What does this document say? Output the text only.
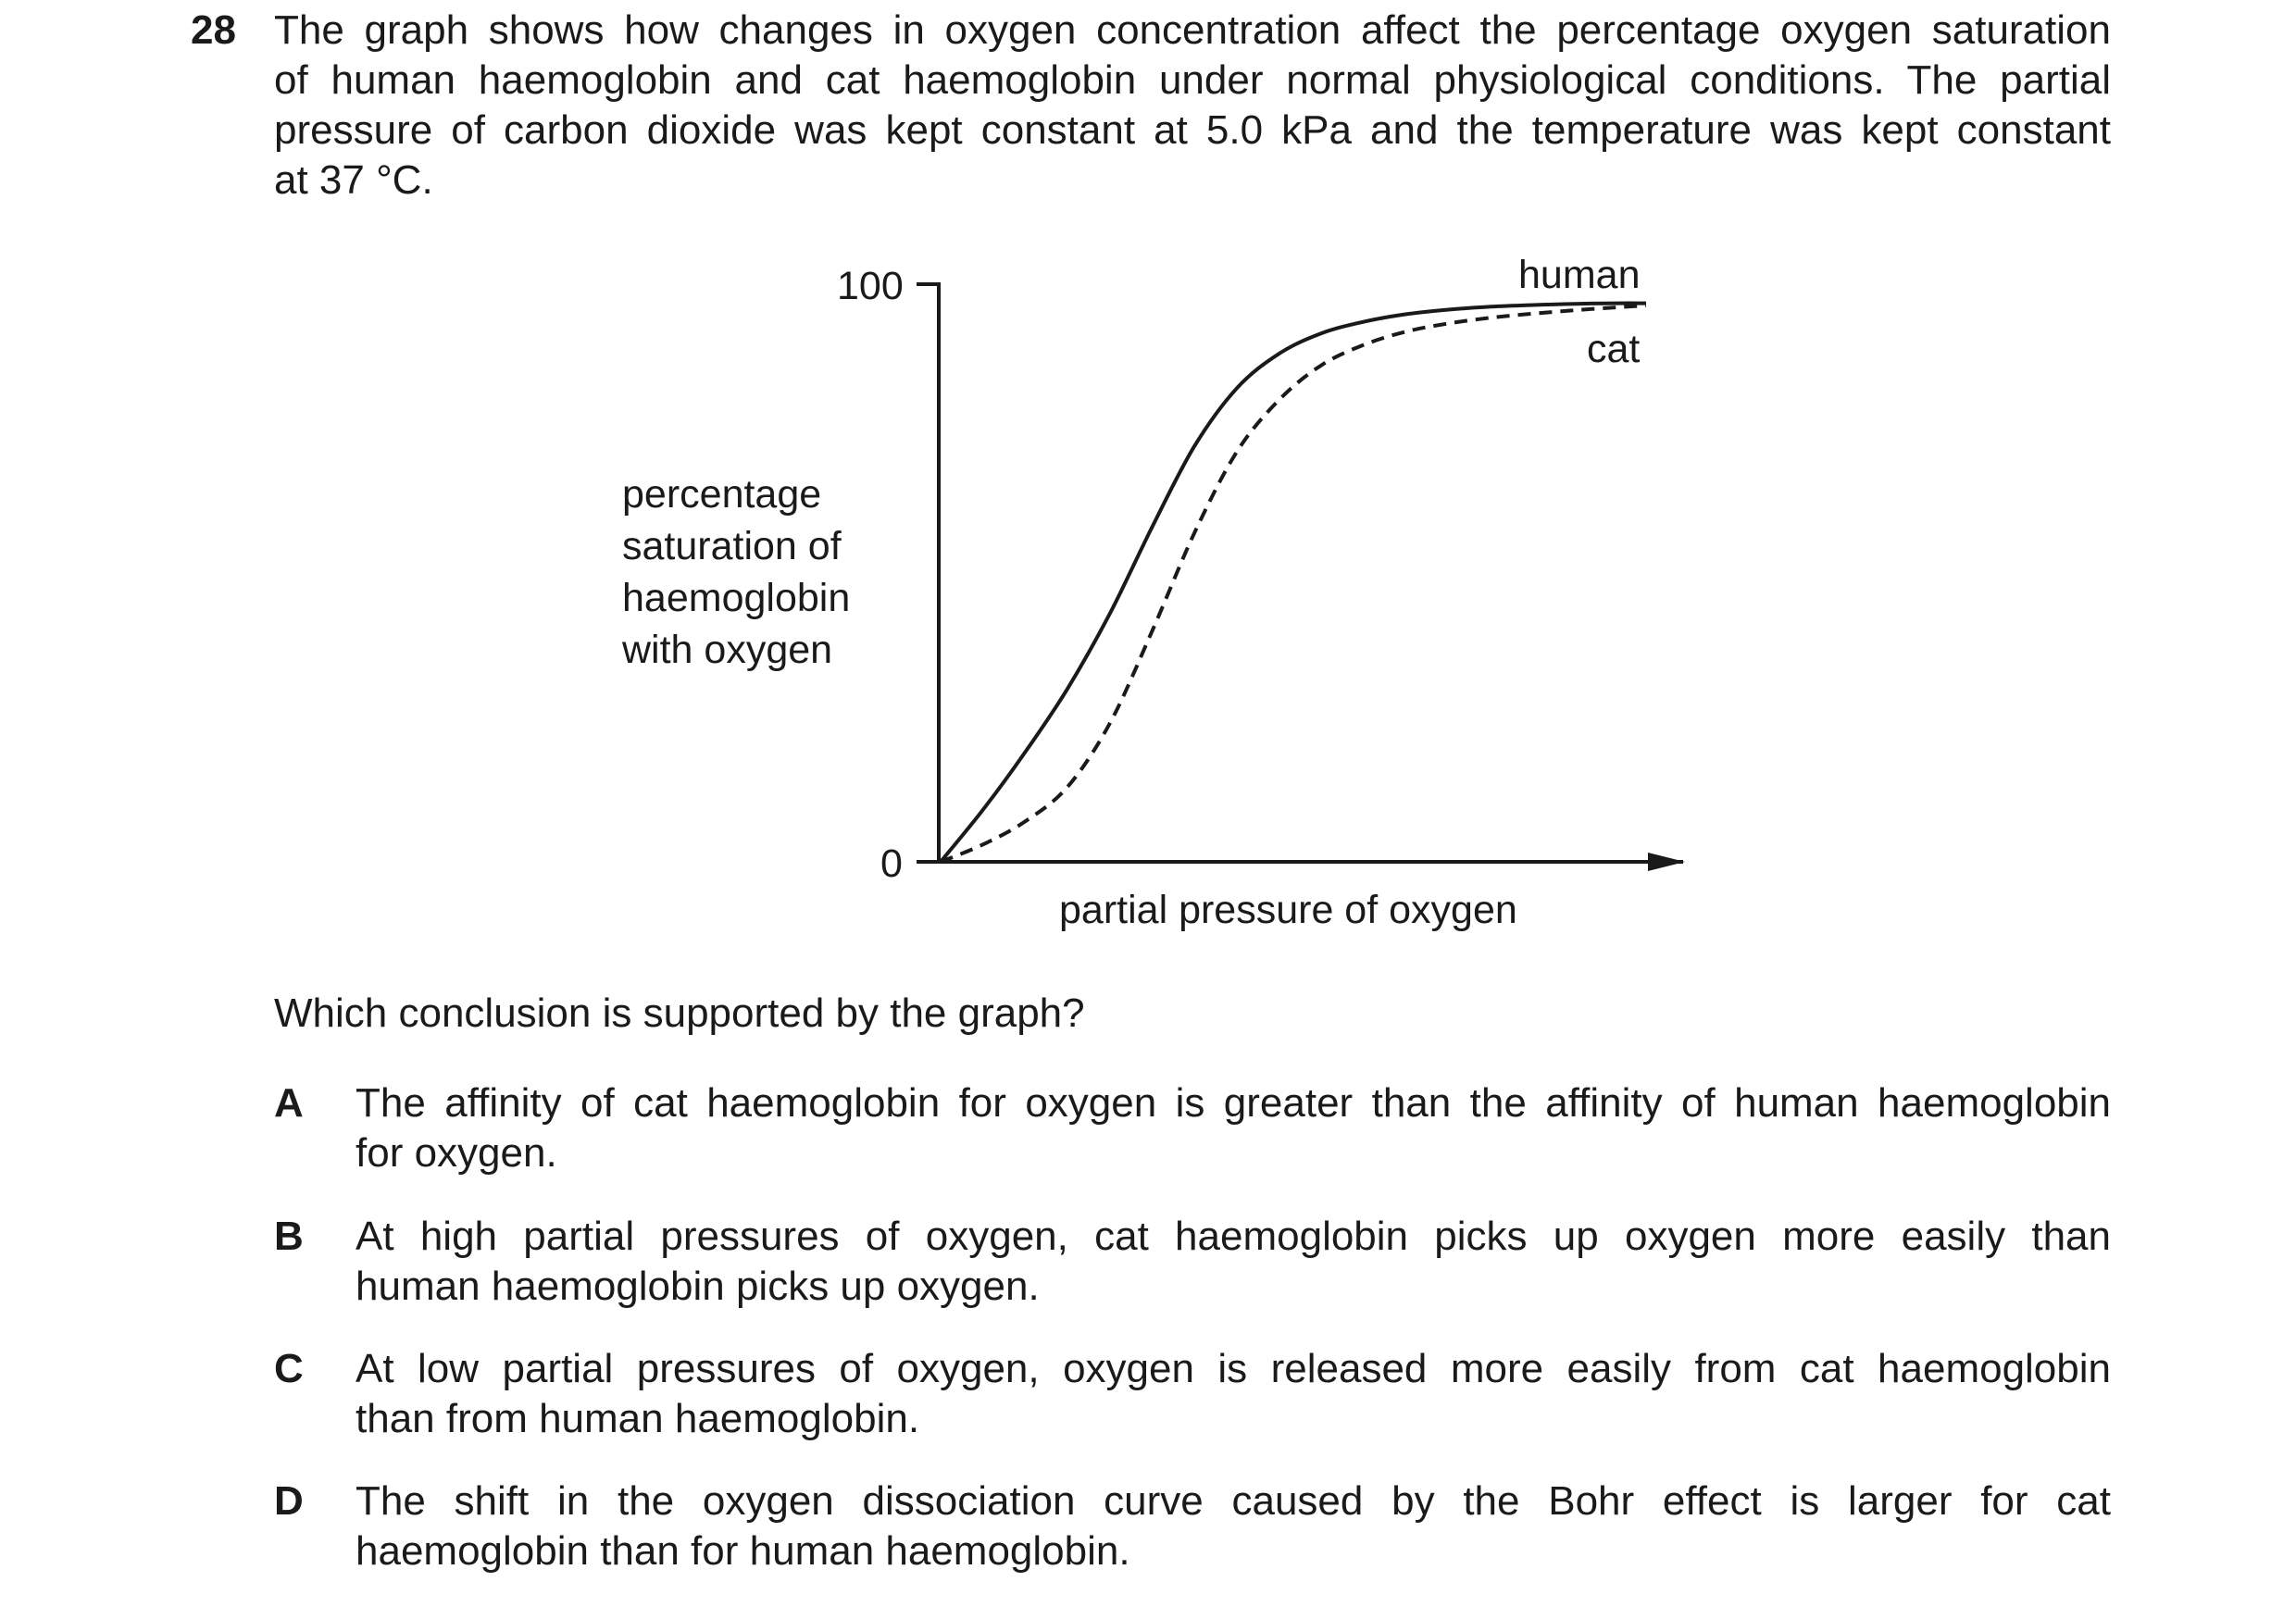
28 The graph shows how changes in oxygen concentration affect the percentage oxygen saturation
of human haemoglobin and cat haemoglobin under normal physiological conditions. The partial
pressure of carbon dioxide was kept constant at 5.0 kPa and the temperature was kept constant
at 37 °C.
100
0
percentage
saturation of
haemoglobin
with oxygen
human
cat
partial pressure of oxygen
Which conclusion is supported by the graph?
A The affinity of cat haemoglobin for oxygen is greater than the affinity of human haemoglobin
for oxygen.
B At high partial pressures of oxygen, cat haemoglobin picks up oxygen more easily than
human haemoglobin picks up oxygen.
C At low partial pressures of oxygen, oxygen is released more easily from cat haemoglobin
than from human haemoglobin.
D The shift in the oxygen dissociation curve caused by the Bohr effect is larger for cat
haemoglobin than for human haemoglobin.
